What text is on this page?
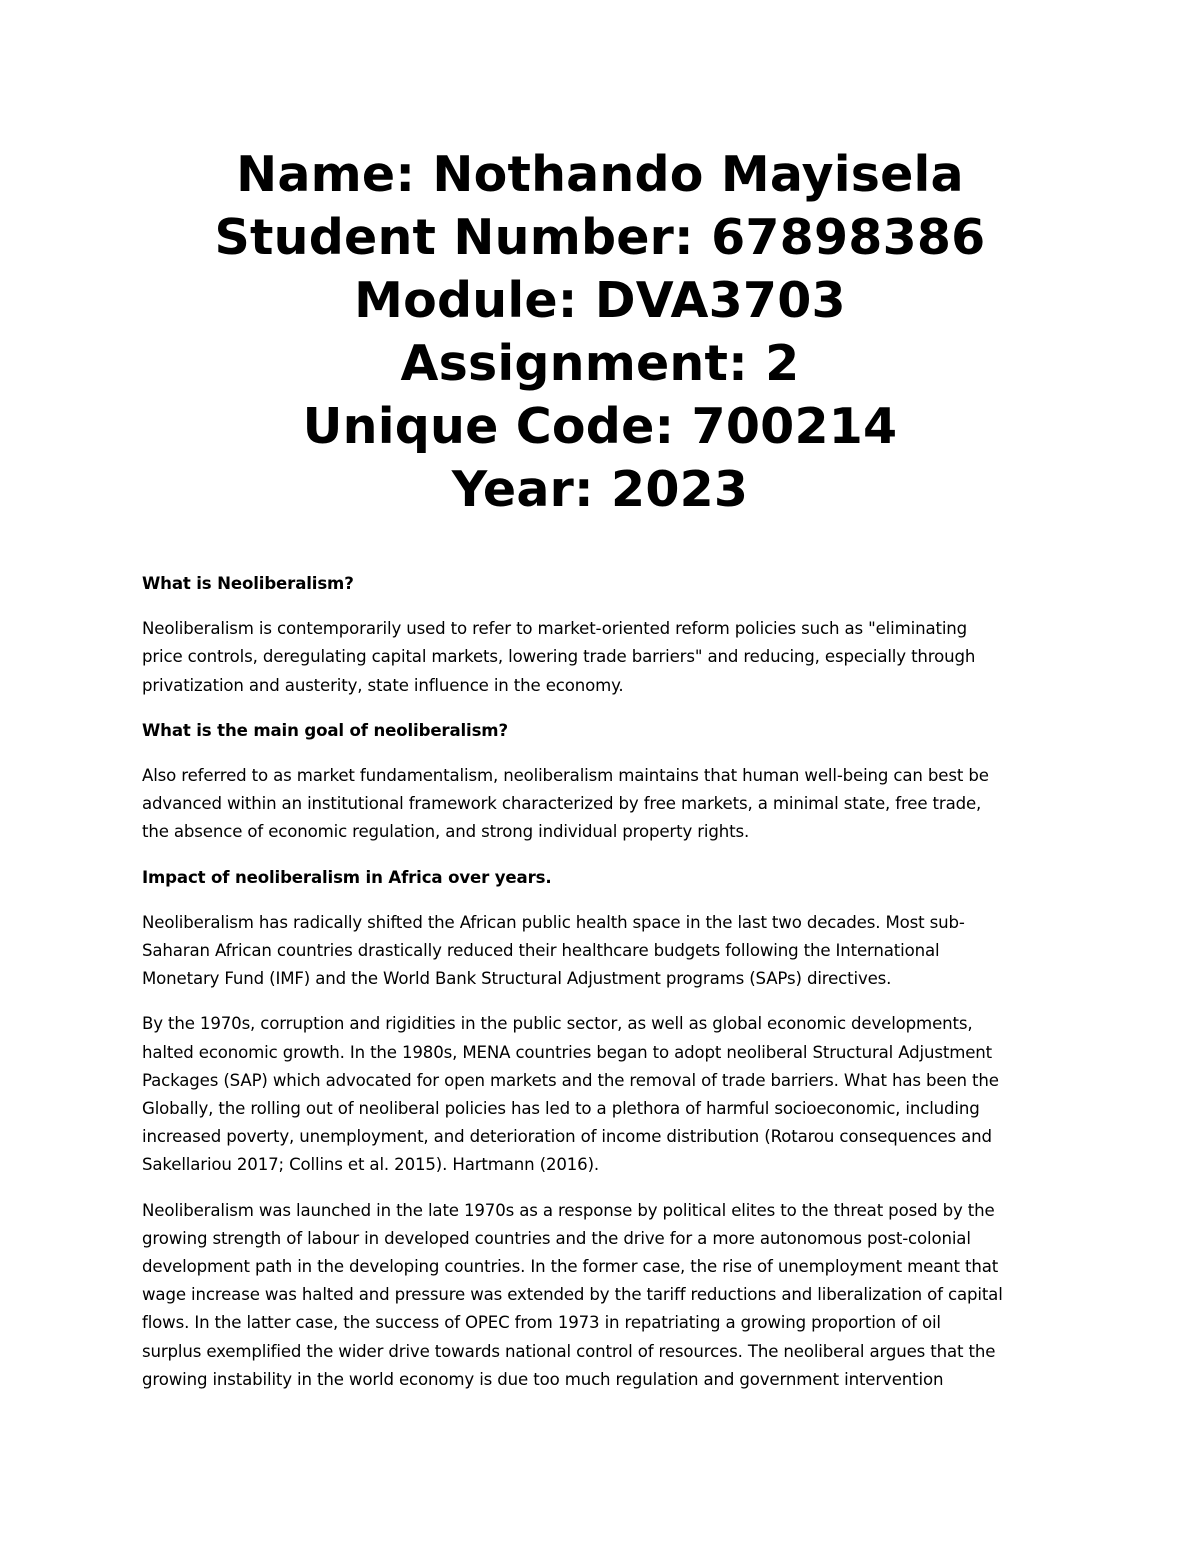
Name: Nothando Mayisela
Student Number: 67898386
Module: DVA3703
Assignment: 2
Unique Code: 700214
Year: 2023
What is Neoliberalism?
Neoliberalism is contemporarily used to refer to market-oriented reform policies such as "eliminating
price controls, deregulating capital markets, lowering trade barriers" and reducing, especially through
privatization and austerity, state influence in the economy.
What is the main goal of neoliberalism?
Also referred to as market fundamentalism, neoliberalism maintains that human well-being can best be
advanced within an institutional framework characterized by free markets, a minimal state, free trade,
the absence of economic regulation, and strong individual property rights.
Impact of neoliberalism in Africa over years.
Neoliberalism has radically shifted the African public health space in the last two decades. Most sub-
Saharan African countries drastically reduced their healthcare budgets following the International
Monetary Fund (IMF) and the World Bank Structural Adjustment programs (SAPs) directives.
By the 1970s, corruption and rigidities in the public sector, as well as global economic developments,
halted economic growth. In the 1980s, MENA countries began to adopt neoliberal Structural Adjustment
Packages (SAP) which advocated for open markets and the removal of trade barriers. What has been the
Globally, the rolling out of neoliberal policies has led to a plethora of harmful socioeconomic, including
increased poverty, unemployment, and deterioration of income distribution (Rotarou consequences and
Sakellariou 2017; Collins et al. 2015). Hartmann (2016).
Neoliberalism was launched in the late 1970s as a response by political elites to the threat posed by the
growing strength of labour in developed countries and the drive for a more autonomous post-colonial
development path in the developing countries. In the former case, the rise of unemployment meant that
wage increase was halted and pressure was extended by the tariff reductions and liberalization of capital
flows. In the latter case, the success of OPEC from 1973 in repatriating a growing proportion of oil
surplus exemplified the wider drive towards national control of resources. The neoliberal argues that the
growing instability in the world economy is due too much regulation and government intervention
